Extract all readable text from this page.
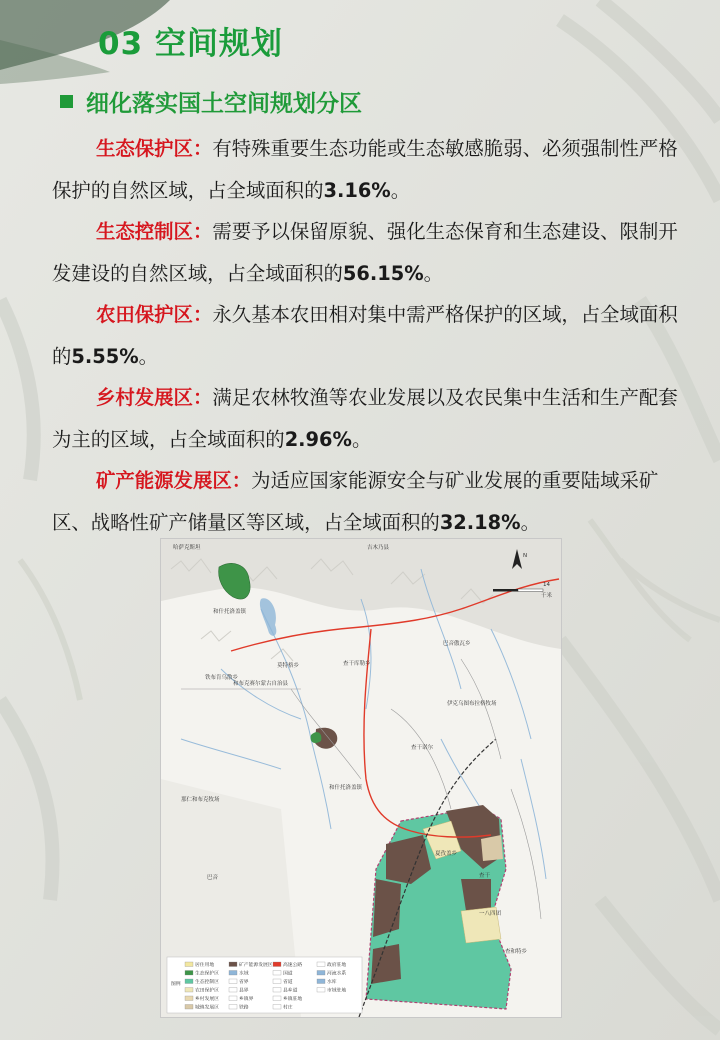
03 空间规划
细化落实国土空间规划分区

生态保护区：有特殊重要生态功能或生态敏感脆弱、必须强制性严格保护的自然区域，占全域面积的3.16%。

生态控制区：需要予以保留原貌、强化生态保育和生态建设、限制开发建设的自然区域，占全域面积的56.15%。

农田保护区：永久基本农田相对集中需严格保护的区域，占全域面积的5.55%。

乡村发展区：满足农林牧渔等农业发展以及农民集中生活和生产配套为主的区域，占全域面积的2.96%。

矿产能源发展区：为适应国家能源安全与矿业发展的重要陆域采矿区、战略性矿产储量区等区域，占全域面积的32.18%。

N
14
千米
哈萨克斯坦	吉木乃县
和什托洛盖镇
铁布肯乌散乡
查干库勒乡
巴音傲瓦乡
和布克赛尔蒙古自治县
莫特格乡
伊克乌图布拉格牧场
和什托洛盖镇
那仁和布克牧场
巴音
夏孜盖乡
查干
一八四团
查和特乡
查干诺尔
图例
居住用地
生态保护区
生态控制区
农田保护区
乡村发展区
城镇发展区
矿产能源发展区
水域
省界
县界
乡镇界
铁路
高速公路
国道
省道
县乡道
乡镇驻地
村庄
政府驻地
河流水系
水库
市域驻地
